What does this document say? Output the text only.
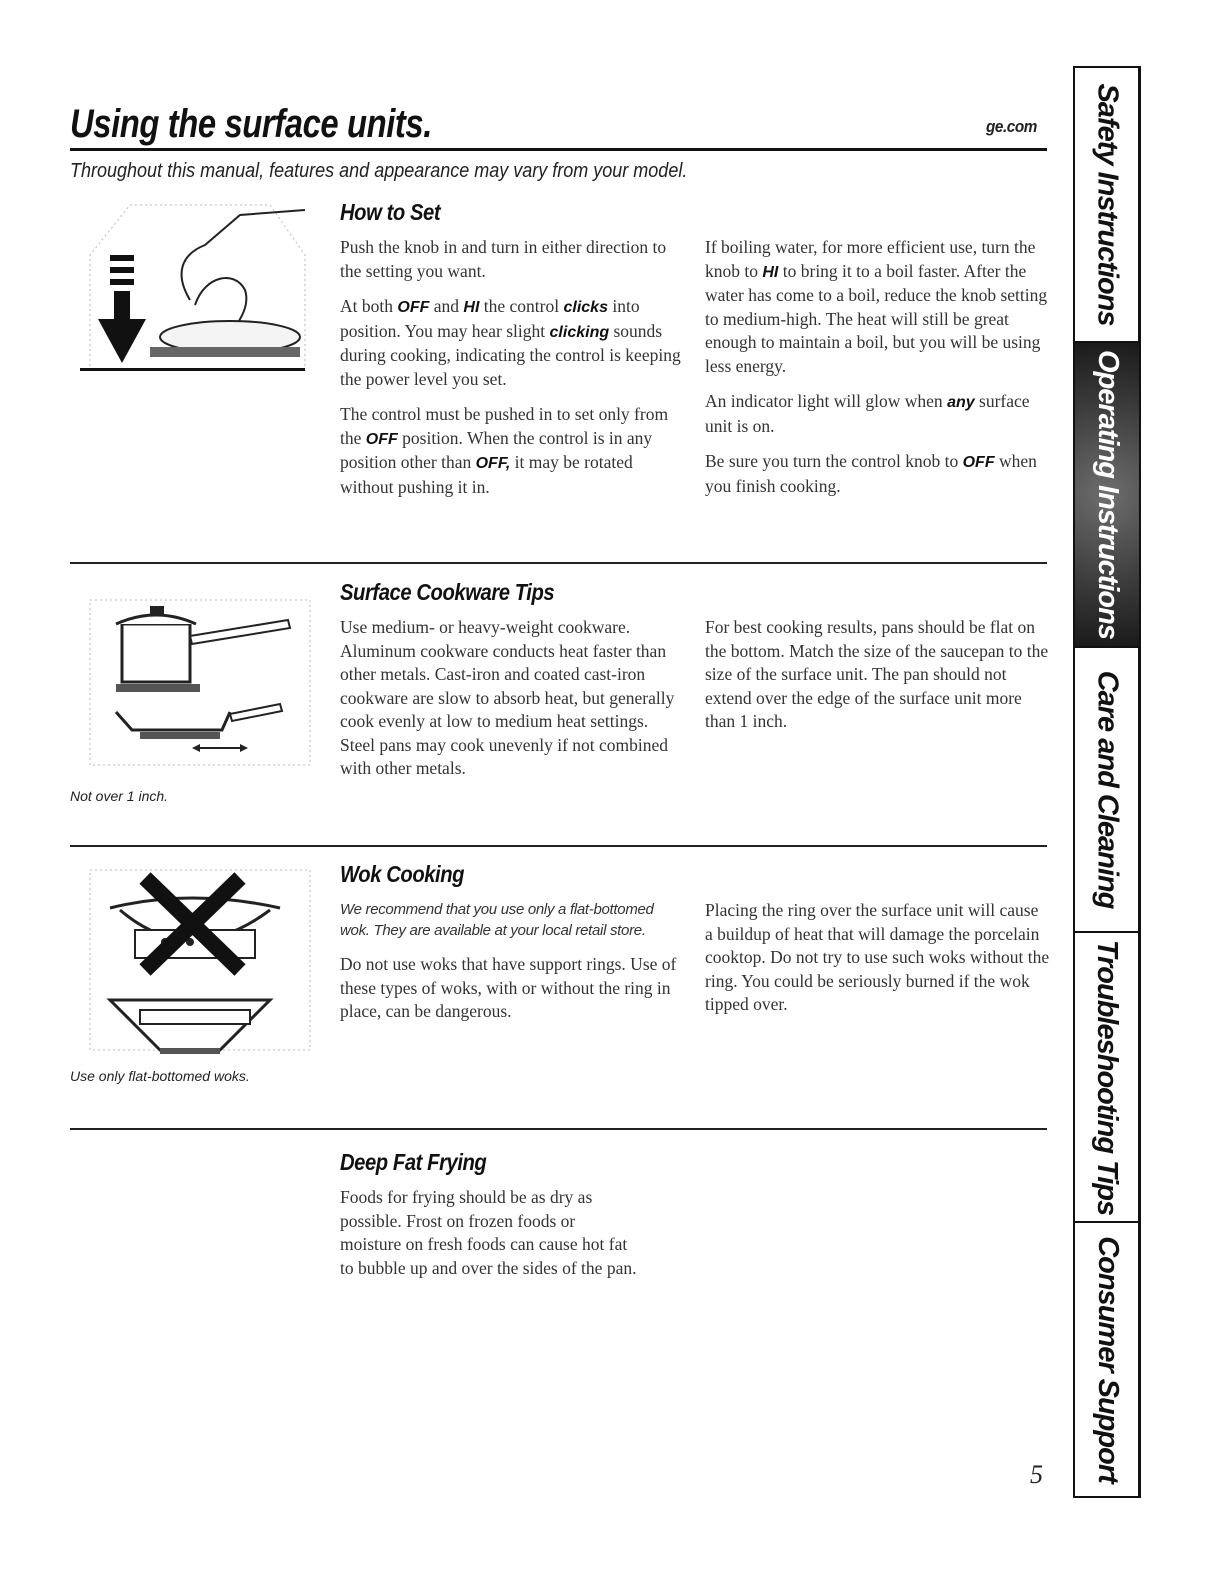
Using the surface units.	ge.com
Throughout this manual, features and appearance may vary from your model.
How to Set

Push the knob in and turn in either direction to the setting you want.

At both OFF and HI the control clicks into position. You may hear slight clicking sounds during cooking, indicating the control is keeping the power level you set.

The control must be pushed in to set only from the OFF position. When the control is in any position other than OFF, it may be rotated without pushing it in.

If boiling water, for more efficient use, turn the knob to HI to bring it to a boil faster. After the water has come to a boil, reduce the knob setting to medium-high. The heat will still be great enough to maintain a boil, but you will be using less energy.

An indicator light will glow when any surface unit is on.

Be sure you turn the control knob to OFF when you finish cooking.

Not over 1 inch.
Surface Cookware Tips

Use medium- or heavy-weight cookware. Aluminum cookware conducts heat faster than other metals. Cast-iron and coated cast-iron cookware are slow to absorb heat, but generally cook evenly at low to medium heat settings. Steel pans may cook unevenly if not combined with other metals.

For best cooking results, pans should be flat on the bottom. Match the size of the saucepan to the size of the surface unit. The pan should not extend over the edge of the surface unit more than 1 inch.

Use only flat-bottomed woks.
Wok Cooking

We recommend that you use only a flat-bottomed wok. They are available at your local retail store.

Do not use woks that have support rings. Use of these types of woks, with or without the ring in place, can be dangerous.

Placing the ring over the surface unit will cause a buildup of heat that will damage the porcelain cooktop. Do not try to use such woks without the ring. You could be seriously burned if the wok tipped over.

Deep Fat Frying

Foods for frying should be as dry as possible. Frost on frozen foods or moisture on fresh foods can cause hot fat to bubble up and over the sides of the pan.

Safety Instructions
Operating Instructions
Care and Cleaning
Troubleshooting Tips
Consumer Support
5
